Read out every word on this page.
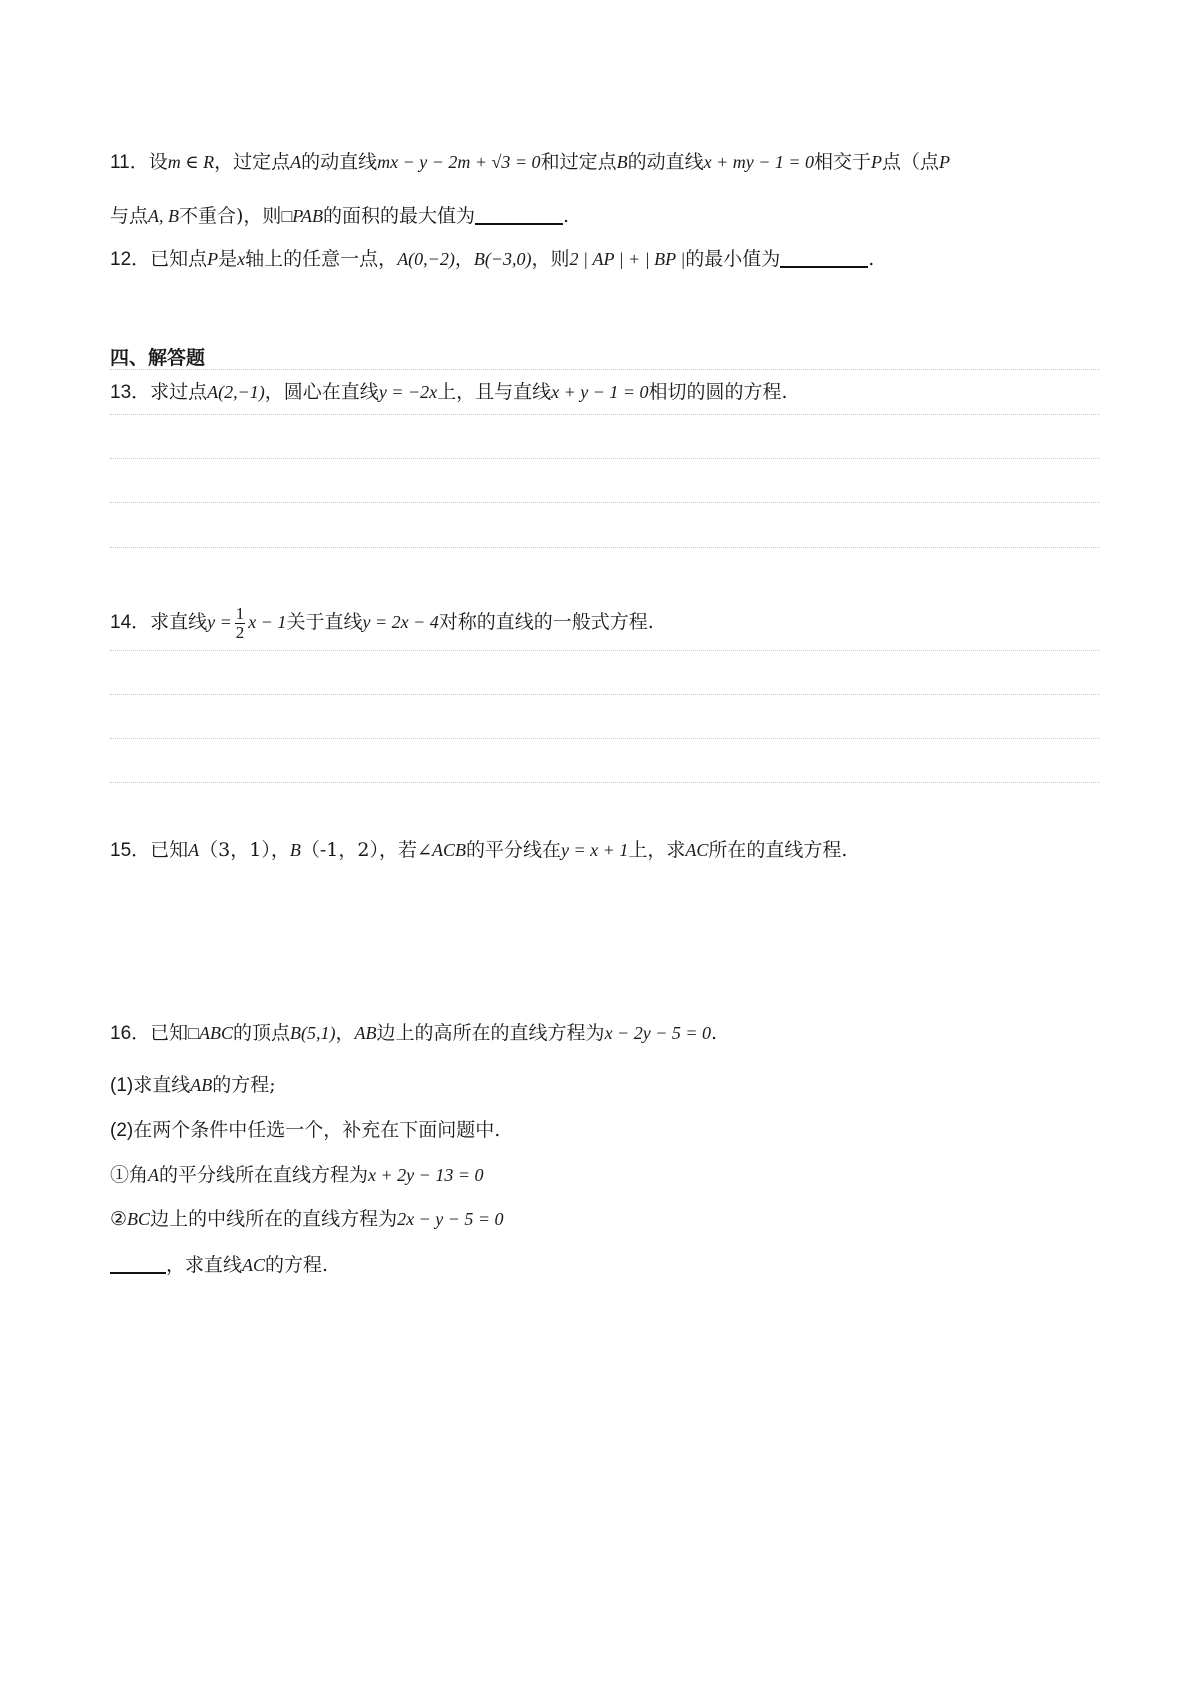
11．设m ∈ R，过定点A的动直线mx − y − 2m + √3 = 0和过定点B的动直线x + my − 1 = 0相交于P点（点P
与点A, B不重合)，则□PAB的面积的最大值为	.
12．已知点P是x轴上的任意一点，A(0,−2)，B(−3,0)，则2 | AP | + | BP |的最小值为	.
四、解答题
13．求过点A(2,−1)，圆心在直线y = −2x上，且与直线x + y − 1 = 0相切的圆的方程.
14．求直线$y = \frac{1}{2}$ x − 1关于直线y = 2x − 4对称的直线的一般式方程.
15．已知A（3，1），B（-1，2），若∠ACB的平分线在y = x + 1上，求AC所在的直线方程.
16．已知□ABC的顶点B(5,1)，AB边上的高所在的直线方程为x − 2y − 5 = 0.
(1)求直线AB的方程;
(2)在两个条件中任选一个，补充在下面问题中.
①角A的平分线所在直线方程为x + 2y − 13 = 0
②BC边上的中线所在的直线方程为2x − y − 5 = 0
，求直线AC的方程.
